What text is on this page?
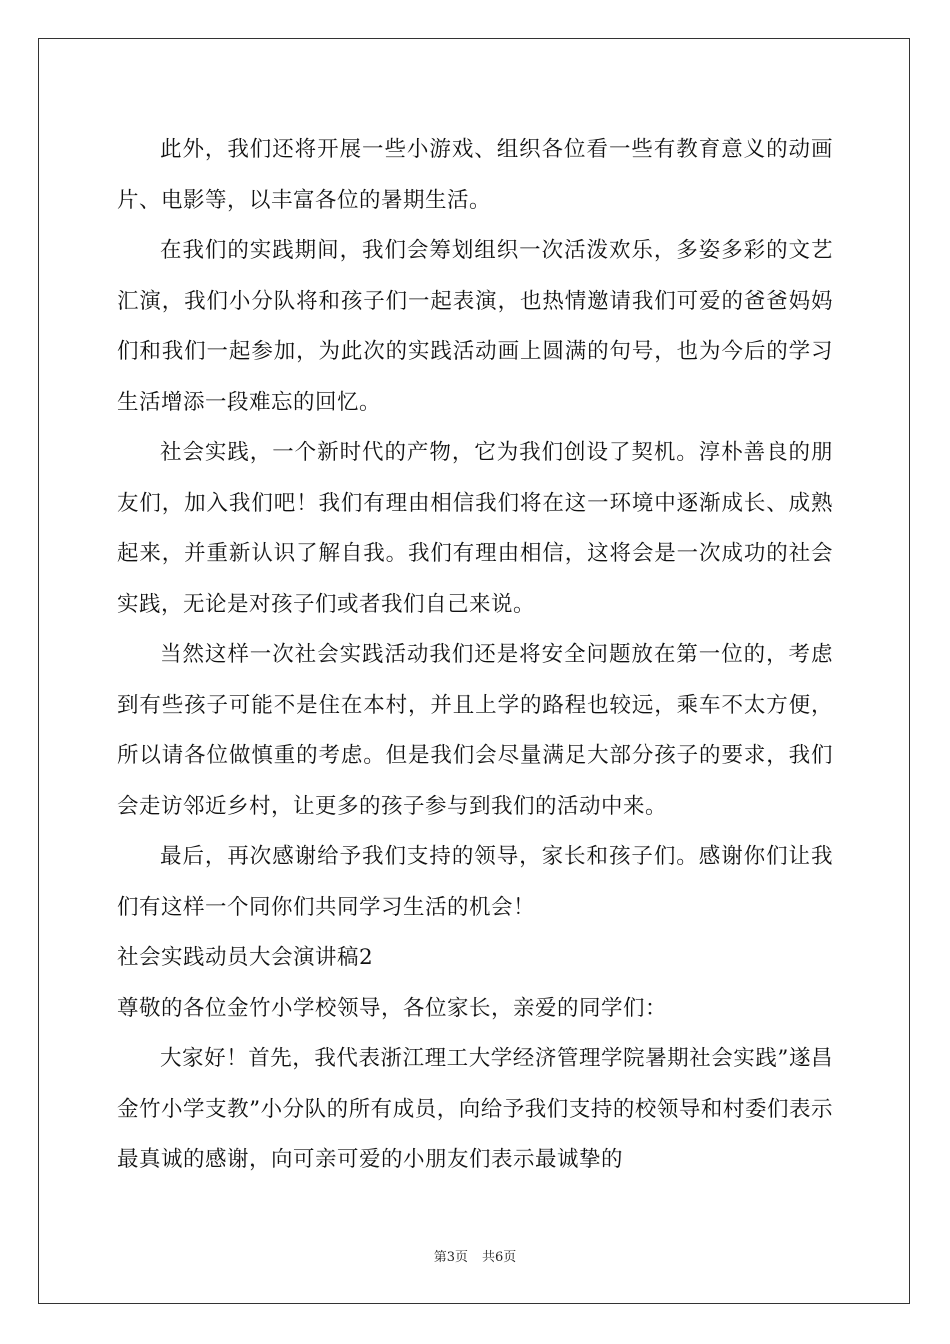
此外，我们还将开展一些小游戏、组织各位看一些有教育意义的动画片、电影等，以丰富各位的暑期生活。

在我们的实践期间，我们会筹划组织一次活泼欢乐，多姿多彩的文艺汇演，我们小分队将和孩子们一起表演，也热情邀请我们可爱的爸爸妈妈们和我们一起参加，为此次的实践活动画上圆满的句号，也为今后的学习生活增添一段难忘的回忆。

社会实践，一个新时代的产物，它为我们创设了契机。淳朴善良的朋友们，加入我们吧！我们有理由相信我们将在这一环境中逐渐成长、成熟起来，并重新认识了解自我。我们有理由相信，这将会是一次成功的社会实践，无论是对孩子们或者我们自己来说。

当然这样一次社会实践活动我们还是将安全问题放在第一位的，考虑到有些孩子可能不是住在本村，并且上学的路程也较远，乘车不太方便，所以请各位做慎重的考虑。但是我们会尽量满足大部分孩子的要求，我们会走访邻近乡村，让更多的孩子参与到我们的活动中来。

最后，再次感谢给予我们支持的领导，家长和孩子们。感谢你们让我们有这样一个同你们共同学习生活的机会！

社会实践动员大会演讲稿2

尊敬的各位金竹小学校领导，各位家长，亲爱的同学们：

大家好！首先，我代表浙江理工大学经济管理学院暑期社会实践”遂昌金竹小学支教”小分队的所有成员，向给予我们支持的校领导和村委们表示最真诚的感谢，向可亲可爱的小朋友们表示最诚挚的

第3页 共6页
